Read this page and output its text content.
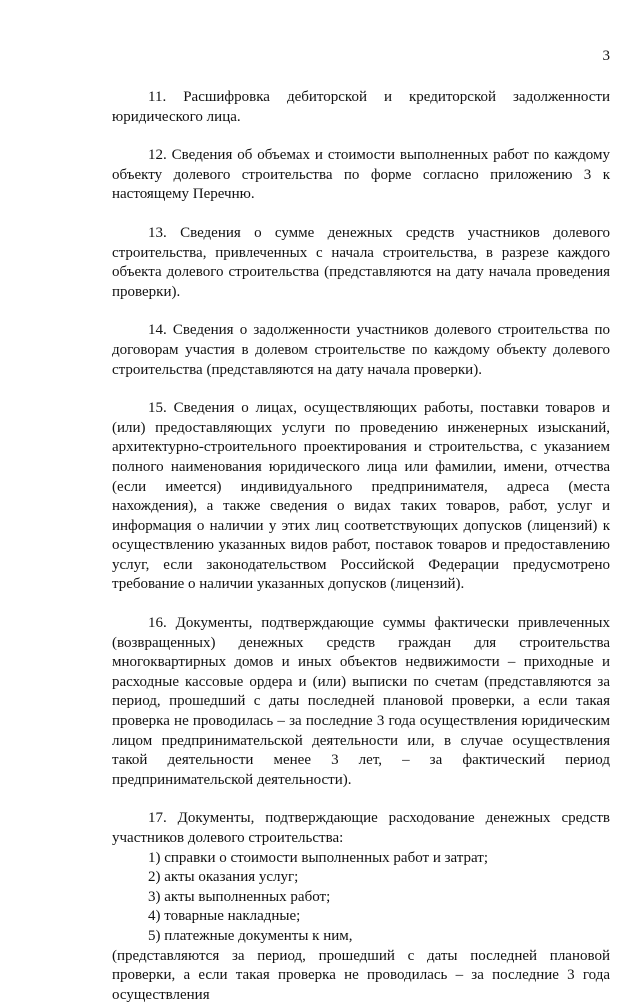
3

11. Расшифровка дебиторской и кредиторской задолженности юридического лица.

12. Сведения об объемах и стоимости выполненных работ по каждому объекту долевого строительства по форме согласно приложению 3 к настоящему Перечню.

13. Сведения о сумме денежных средств участников долевого строительства, привлеченных с начала строительства, в разрезе каждого объекта долевого строительства (представляются на дату начала проведения проверки).

14. Сведения о задолженности участников долевого строительства по договорам участия в долевом строительстве по каждому объекту долевого строительства (представляются на дату начала проверки).

15. Сведения о лицах, осуществляющих работы, поставки товаров и (или) предоставляющих услуги по проведению инженерных изысканий, архитектурно-строительного проектирования и строительства, с указанием полного наименования юридического лица или фамилии, имени, отчества (если имеется) индивидуального предпринимателя, адреса (места нахождения), а также сведения о видах таких товаров, работ, услуг и информация о наличии у этих лиц соответствующих допусков (лицензий) к осуществлению указанных видов работ, поставок товаров и предоставлению услуг, если законодательством Российской Федерации предусмотрено требование о наличии указанных допусков (лицензий).

16. Документы, подтверждающие суммы фактически привлеченных (возвращенных) денежных средств граждан для строительства многоквартирных домов и иных объектов недвижимости – приходные и расходные кассовые ордера и (или) выписки по счетам (представляются за период, прошедший с даты последней плановой проверки, а если такая проверка не проводилась – за последние 3 года осуществления юридическим лицом предпринимательской деятельности или, в случае осуществления такой деятельности менее 3 лет, – за фактический период предпринимательской деятельности).

17. Документы, подтверждающие расходование денежных средств участников долевого строительства:

1) справки о стоимости выполненных работ и затрат;
2) акты оказания услуг;
3) акты выполненных работ;
4) товарные накладные;
5) платежные документы к ним,

(представляются за период, прошедший с даты последней плановой проверки, а если такая проверка не проводилась – за последние 3 года осуществления
